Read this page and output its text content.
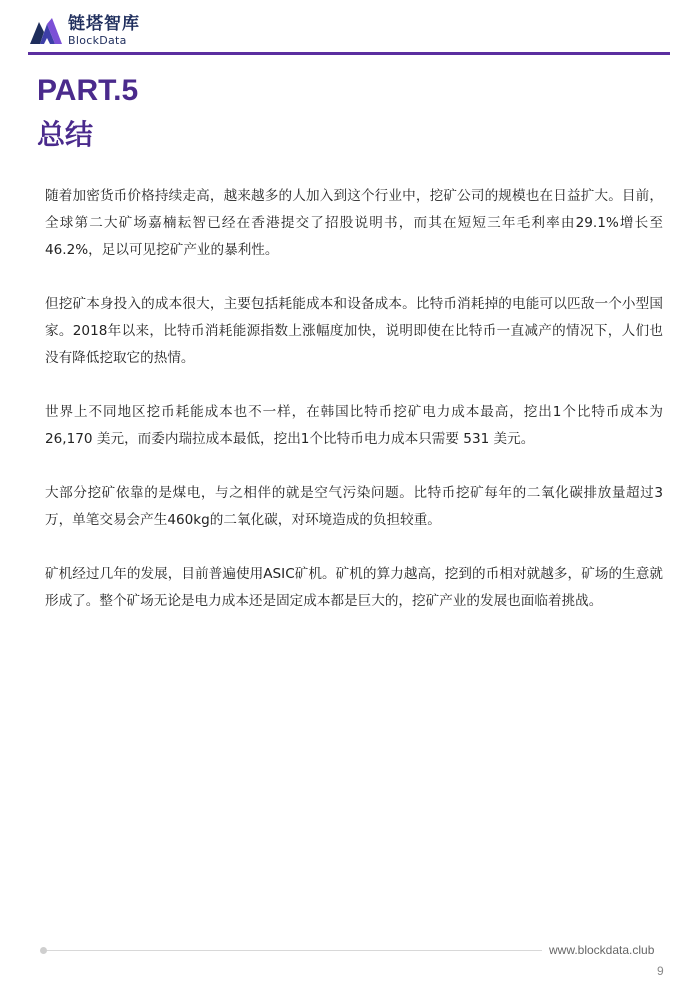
链塔智库
BlockData
PART.5
总结

随着加密货币价格持续走高，越来越多的人加入到这个行业中，挖矿公司的规模也在日益扩大。目前，全球第二大矿场嘉楠耘智已经在香港提交了招股说明书，而其在短短三年毛利率由29.1%增长至46.2%，足以可见挖矿产业的暴利性。

但挖矿本身投入的成本很大，主要包括耗能成本和设备成本。比特币消耗掉的电能可以匹敌一个小型国家。2018年以来，比特币消耗能源指数上涨幅度加快，说明即使在比特币一直减产的情况下，人们也没有降低挖取它的热情。

世界上不同地区挖币耗能成本也不一样，在韩国比特币挖矿电力成本最高，挖出1个比特币成本为26,170 美元，而委内瑞拉成本最低，挖出1个比特币电力成本只需要 531 美元。

大部分挖矿依靠的是煤电，与之相伴的就是空气污染问题。比特币挖矿每年的二氧化碳排放量超过3万，单笔交易会产生460kg的二氧化碳，对环境造成的负担较重。

矿机经过几年的发展，目前普遍使用ASIC矿机。矿机的算力越高，挖到的币相对就越多，矿场的生意就形成了。整个矿场无论是电力成本还是固定成本都是巨大的，挖矿产业的发展也面临着挑战。

www.blockdata.club
9
